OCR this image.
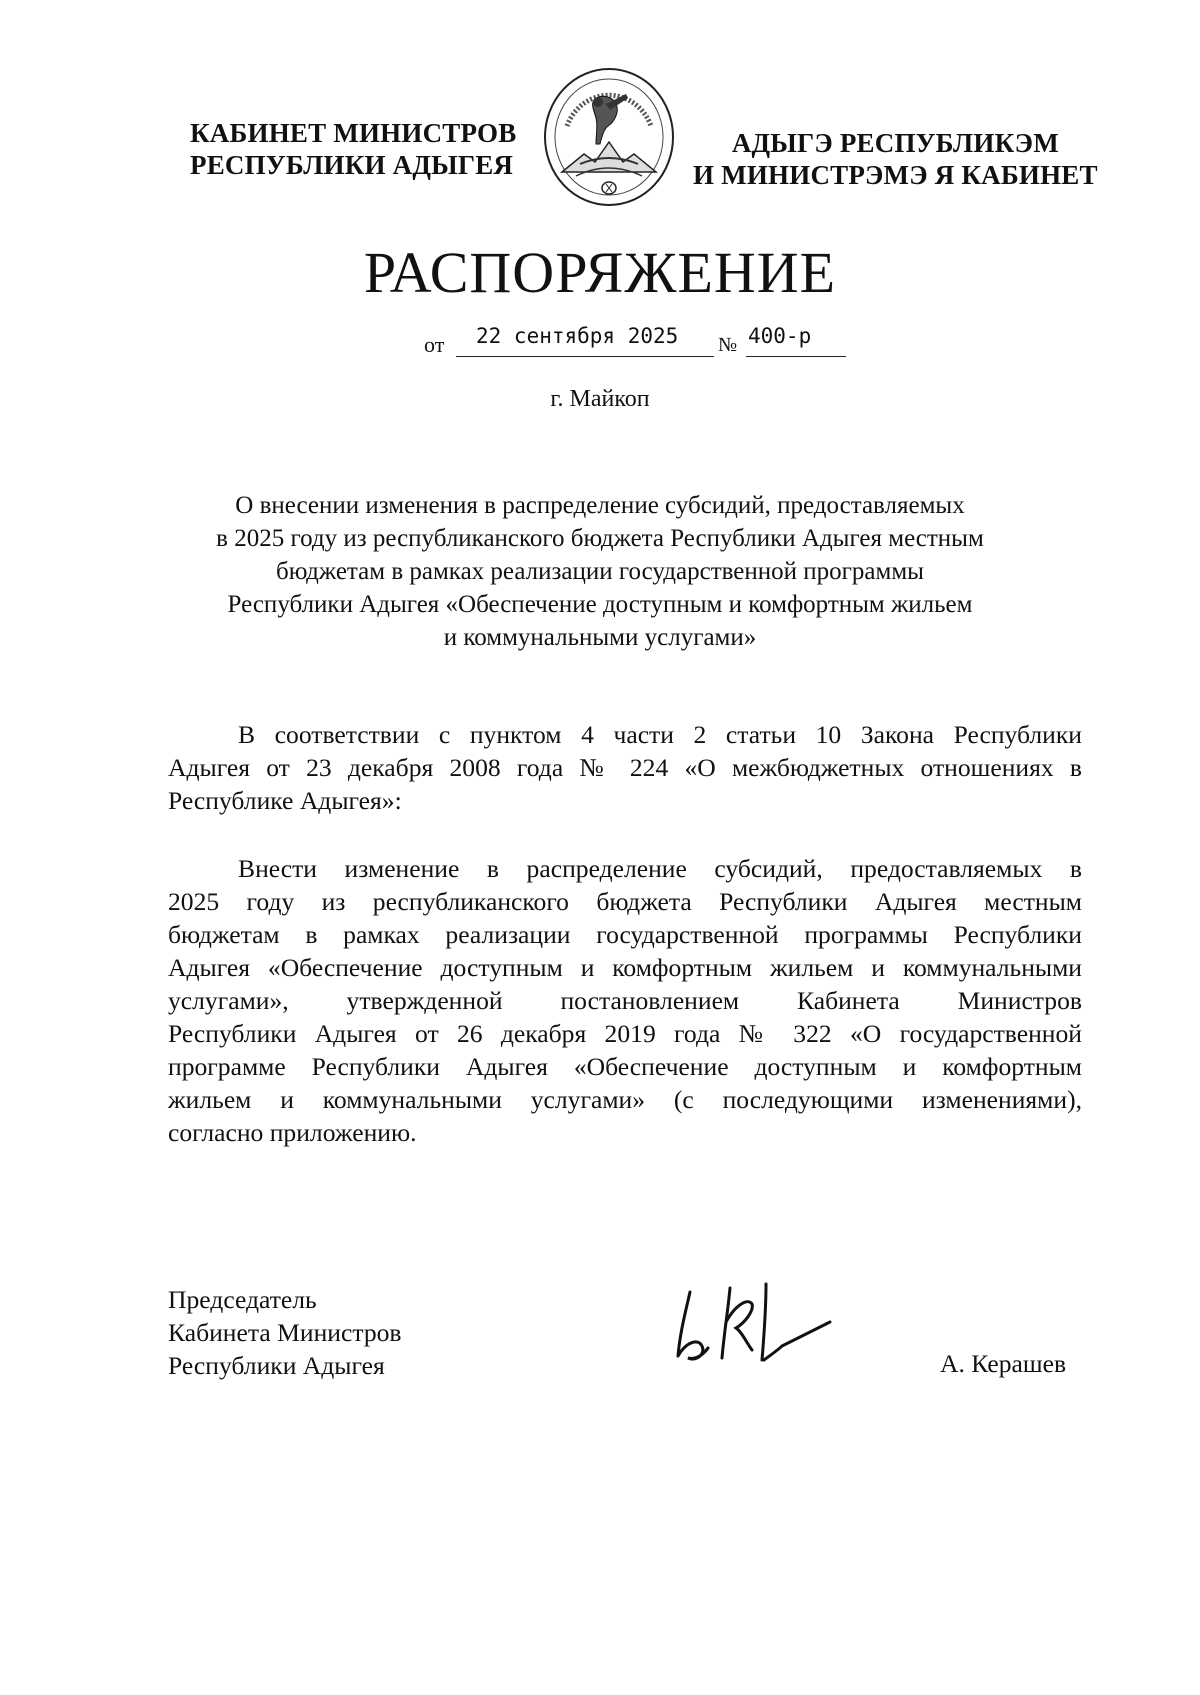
КАБИНЕТ МИНИСТРОВ
РЕСПУБЛИКИ АДЫГЕЯ
АДЫГЭ РЕСПУБЛИКЭМ
И МИНИСТРЭМЭ Я КАБИНЕТ
РАСПОРЯЖЕНИЕ
от 22 сентября 2025 № 400-р
г. Майкоп
О внесении изменения в распределение субсидий, предоставляемых
в 2025 году из республиканского бюджета Республики Адыгея местным
бюджетам в рамках реализации государственной программы
Республики Адыгея «Обеспечение доступным и комфортным жильем
и коммунальными услугами»
В соответствии с пунктом 4 части 2 статьи 10 Закона Республики
Адыгея от 23 декабря 2008 года № 224 «О межбюджетных отношениях в
Республике Адыгея»:
Внести изменение в распределение субсидий, предоставляемых в
2025 году из республиканского бюджета Республики Адыгея местным
бюджетам в рамках реализации государственной программы Республики
Адыгея «Обеспечение доступным и комфортным жильем и коммунальными
услугами», утвержденной постановлением Кабинета Министров
Республики Адыгея от 26 декабря 2019 года № 322 «О государственной
программе Республики Адыгея «Обеспечение доступным и комфортным
жильем и коммунальными услугами» (с последующими изменениями),
согласно приложению.
Председатель
Кабинета Министров
Республики Адыгея	А. Керашев
